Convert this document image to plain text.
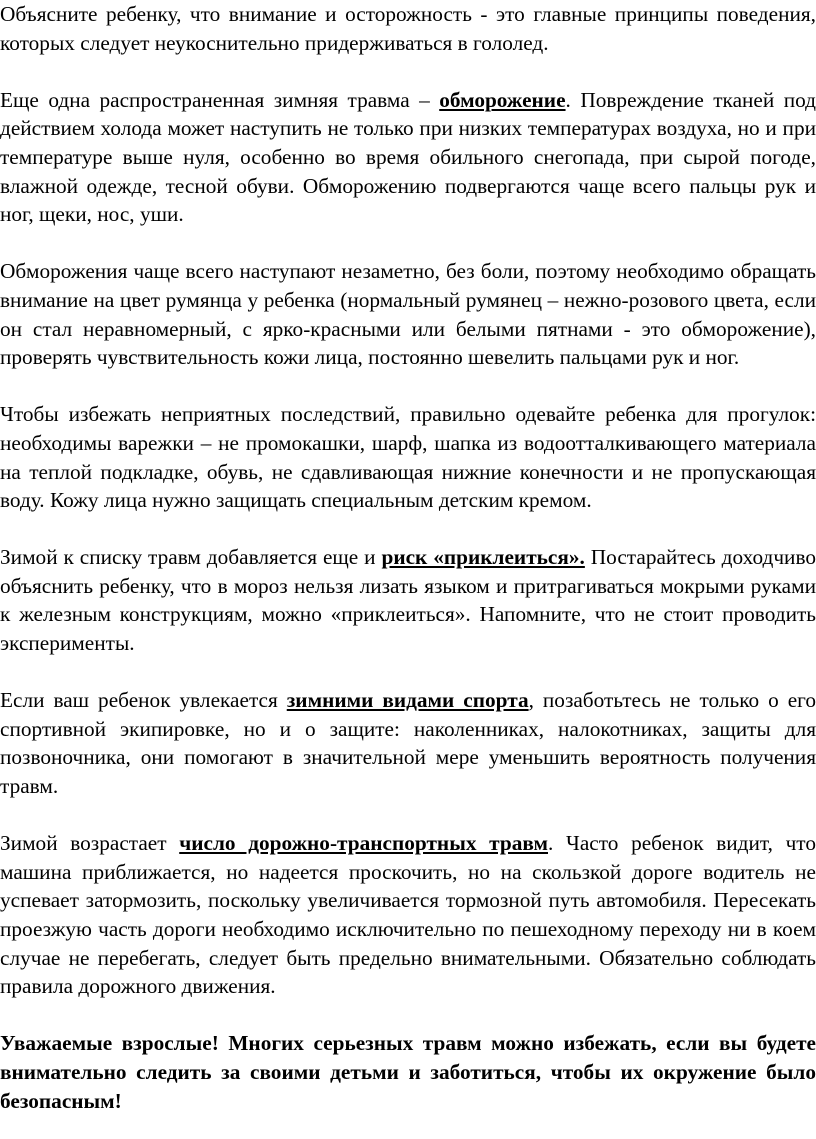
Объясните ребенку, что внимание и осторожность - это главные принципы поведения, которых следует неукоснительно придерживаться в гололед.

Еще одна распространенная зимняя травма – обморожение. Повреждение тканей под действием холода может наступить не только при низких температурах воздуха, но и при температуре выше нуля, особенно во время обильного снегопада, при сырой погоде, влажной одежде, тесной обуви. Обморожению подвергаются чаще всего пальцы рук и ног, щеки, нос, уши.

Обморожения чаще всего наступают незаметно, без боли, поэтому необходимо обращать внимание на цвет румянца у ребенка (нормальный румянец – нежно-розового цвета, если он стал неравномерный, с ярко-красными или белыми пятнами - это обморожение), проверять чувствительность кожи лица, постоянно шевелить пальцами рук и ног.

Чтобы избежать неприятных последствий, правильно одевайте ребенка для прогулок: необходимы варежки – не промокашки, шарф, шапка из водоотталкивающего материала на теплой подкладке, обувь, не сдавливающая нижние конечности и не пропускающая воду. Кожу лица нужно защищать специальным детским кремом.

Зимой к списку травм добавляется еще и риск «приклеиться». Постарайтесь доходчиво объяснить ребенку, что в мороз нельзя лизать языком и притрагиваться мокрыми руками к железным конструкциям, можно «приклеиться». Напомните, что не стоит проводить эксперименты.

Если ваш ребенок увлекается зимними видами спорта, позаботьтесь не только о его спортивной экипировке, но и о защите: наколенниках, налокотниках, защиты для позвоночника, они помогают в значительной мере уменьшить вероятность получения травм.

Зимой возрастает число дорожно-транспортных травм. Часто ребенок видит, что машина приближается, но надеется проскочить, но на скользкой дороге водитель не успевает затормозить, поскольку увеличивается тормозной путь автомобиля. Пересекать проезжую часть дороги необходимо исключительно по пешеходному переходу ни в коем случае не перебегать, следует быть предельно внимательными. Обязательно соблюдать правила дорожного движения.

Уважаемые взрослые! Многих серьезных травм можно избежать, если вы будете внимательно следить за своими детьми и заботиться, чтобы их окружение было безопасным!
